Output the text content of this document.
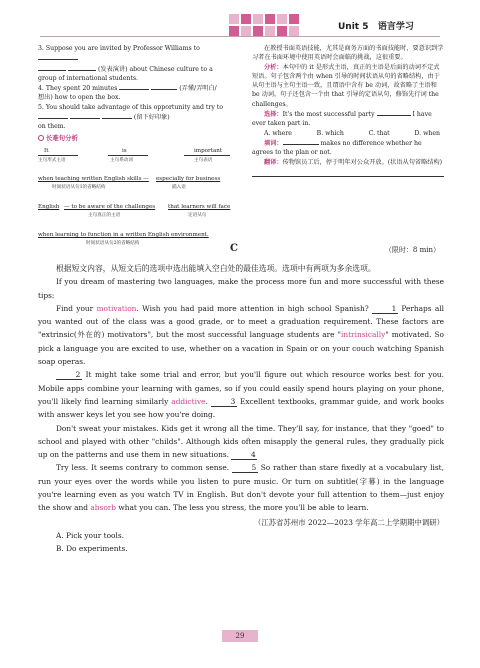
Unit 5 语言学习
3. Suppose you are invited by Professor Williams to
(发表演讲) about Chinese culture to a
group of international students.
4. They spent 20 minutes	(弄懂/弄明白/
想出) how to open the box.
5. You should take advantage of this opportunity and try to
(留下好印象)
on them.
长难句分析
It	is	important
主句形式主语	主句系动词	主句表语
when teaching written English skills — especially for business
时间状语从句1的省略结构	插入语
English — to be aware of the challenges that learners will face
主句真正的主语	定语从句
when learning to function in a written English environment.
时间状语从句2的省略结构

在教授书面英语技能，尤其是商务方面的书面技能时，要意识到学习者在书面环境中使用英语时会面临的挑战，这很重要。

分析：本句中的 it 是形式主语，真正的主语是后面的动词不定式短语。句子包含两个由 when 引导的时间状语从句的省略结构，由于从句主语与主句主语一致，且谓语中含有 be 动词，故省略了主语和 be 动词。句子还包含一个由 that 引导的定语从句，修饰先行词 the challenges。

选择：It's the most successful party	I have ever taken part in.

A. where	B. which	C. that	D. when

填词：	makes no difference whether he agrees to the plan or not.

翻译：传物馆员工后，停于明年对公众开放。(状语从句省略结构)

C	（限时：8 min）

根据短文内容，从短文后的选项中选出能填入空白处的最佳选项。选项中有两项为多余选项。

If you dream of mastering two languages, make the process more fun and more successful with these tips:

Find your motivation. Wish you had paid more attention in high school Spanish?	1 Perhaps all you wanted out of the class was a good grade, or to meet a graduation requirement. These factors are "extrinsic(外在的) motivators", but the most successful language students are "intrinsically" motivated. So pick a language you are excited to use, whether on a vacation in Spain or on your couch watching Spanish soap operas.

2 It might take some trial and error, but you'll figure out which resource works best for you. Mobile apps combine your learning with games, so if you could easily spend hours playing on your phone, you'll likely find learning similarly addictive.	3 Excellent textbooks, grammar guide, and work books with answer keys let you see how you're doing.

Don't sweat your mistakes. Kids get it wrong all the time. They'll say, for instance, that they "goed" to school and played with other "childs". Although kids often misapply the general rules, they gradually pick up on the patterns and use them in new situations.	4

Try less. It seems contrary to common sense.	5 So rather than stare fixedly at a vocabulary list, run your eyes over the words while you listen to pure music. Or turn on subtitle(字幕) in the language you're learning even as you watch TV in English. But don't devote your full attention to them—just enjoy the show and absorb what you can. The less you stress, the more you'll be able to learn.

（江苏省苏州市 2022—2023 学年高二上学期期中调研）

A. Pick your tools.

B. Do experiments.

29
